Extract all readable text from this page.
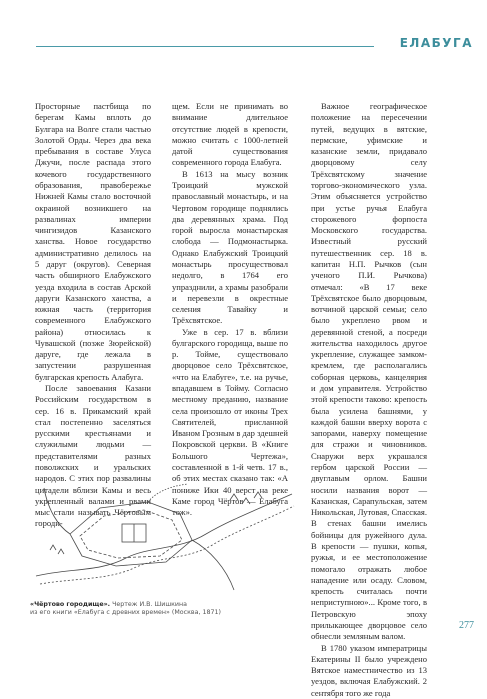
ЕЛАБУГА

Просторные пастбища по берегам Камы вплоть до Булгара на Волге стали частью Золотой Орды. Через два века пребывания в составе Улуса Джучи, после распада этого кочевого государственного образования, правобережье Нижней Камы стало восточной окраиной возникшего на развалинах империи чингизидов Казанского ханства. Новое государство административно делилось на 5 даруг (округов). Северная часть обширного Елабужского уезда входила в состав Арской даруги Казанского ханства, а южная часть (территория современного Елабужского района) относилась к Чувашской (позже Зюрейской) даруге, где лежала в запустении разрушенная булгарская крепость Алабуга.

После завоевания Казани Российским государством в сер. 16 в. Прикамский край стал постепенно заселяться русскими крестьянами и служилыми людьми — представителями разных поволжских и уральских народов. С этих пор развалины цитадели вблизи Камы и весь укрепленный валами и рвами мыс стали называть Чёртовым городи-

щем. Если не принимать во внимание длительное отсутствие людей в крепости, можно считать с 1000-летней датой существования современного города Елабуга.

В 1613 на мысу возник Троицкий мужской православный монастырь, и на Чертовом городище поднялись два деревянных храма. Под горой выросла монастырская слобода — Подмонастырка. Однако Елабужский Троицкий монастырь просуществовал недолго, в 1764 его упразднили, а храмы разобрали и перевезли в окрестные селения Тавайку и Трёхсвятское.

Уже в сер. 17 в. вблизи булгарского городища, выше по р. Тойме, существовало дворцовое село Трёхсвятское, «что на Елабуге», т.е. на ручье, впадавшем в Тойму. Согласно местному преданию, название села произошло от иконы Трех Святителей, присланной Иваном Грозным в дар здешней Покровской церкви. В «Книге Большого Чертежа», составленной в 1-й четв. 17 в., об этих местах сказано так: «А пониже Ики 40 верст на реке Каме город Чёртов — Елабуга тож».

Важное географическое положение на пересечении путей, ведущих в вятские, пермские, уфимские и казанские земли, придавало дворцовому селу Трёхсвятскому значение торгово-экономического узла. Этим объясняется устройство при устье ручья Елабуга сторожевого форпоста Московского государства. Известный русский путешественник сер. 18 в. капитан Н.П. Рычков (сын ученого П.И. Рычкова) отмечал: «В 17 веке Трёхсвятское было дворцовым, вотчиной царской семьи; село было укреплено рвом и деревянной стеной, а посреди жительства находилось другое укрепление, служащее замком-кремлем, где располагались соборная церковь, канцелярия и дом управителя. Устройство этой крепости таково: крепость была усилена башнями, у каждой башни вверху ворота с запорами, наверху помещение для стражи и чиновников. Снаружи верх украшался гербом царской России — двуглавым орлом. Башни носили названия ворот — Казанская, Сарапульская, затем Никольская, Лутовая, Спасская. В стенах башни имелись бойницы для ружейного дула. В крепости — пушки, копья, ружья, и ее местоположение помогало отражать любое нападение или осаду. Словом, крепость считалась почти неприступною»... Кроме того, в Петровскую эпоху прилыкающее дворцовое село обнесли земляным валом.

В 1780 указом императрицы Екатерины II было учреждено Вятское наместничество из 13 уездов, включая Елабужский. 2 сентября того же года

«Чёртово городище». Чертеж И.В. Шишкина
из его книги «Елабуга с древних времен» (Москва, 1871)
277
